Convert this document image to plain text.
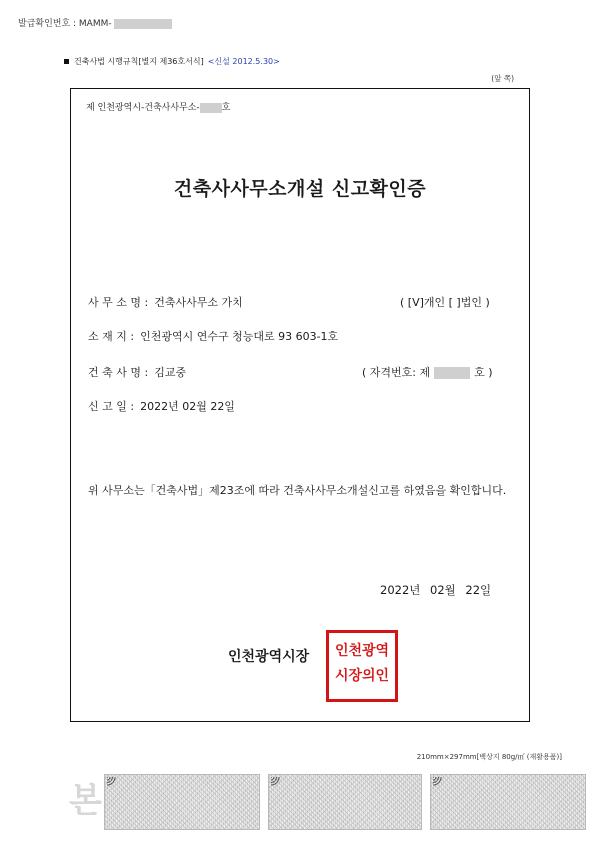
발급확인번호 : MAMM-
건축사법 시행규칙[별지 제36호서식] <신설 2012.5.30>
(앞 쪽)
제 인천광역시-건축사사무소- 호
건축사사무소개설 신고확인증
사 무 소 명 : 건축사사무소 가치	( [V]개인 [ ]법인 )
소 재 지 : 인천광역시 연수구 청능대로 93 603-1호
건 축 사 명 : 김교중	( 자격번호: 제	호 )
신 고 일 : 2022년 02월 22일
위 사무소는「건축사법」제23조에 따라 건축사사무소개설신고를 하였음을 확인합니다.
2022년 02월 22일
인천광역시장	인천광역
시장의인
210mm×297mm[백상지 80g/㎡ (재활용품)]
본
